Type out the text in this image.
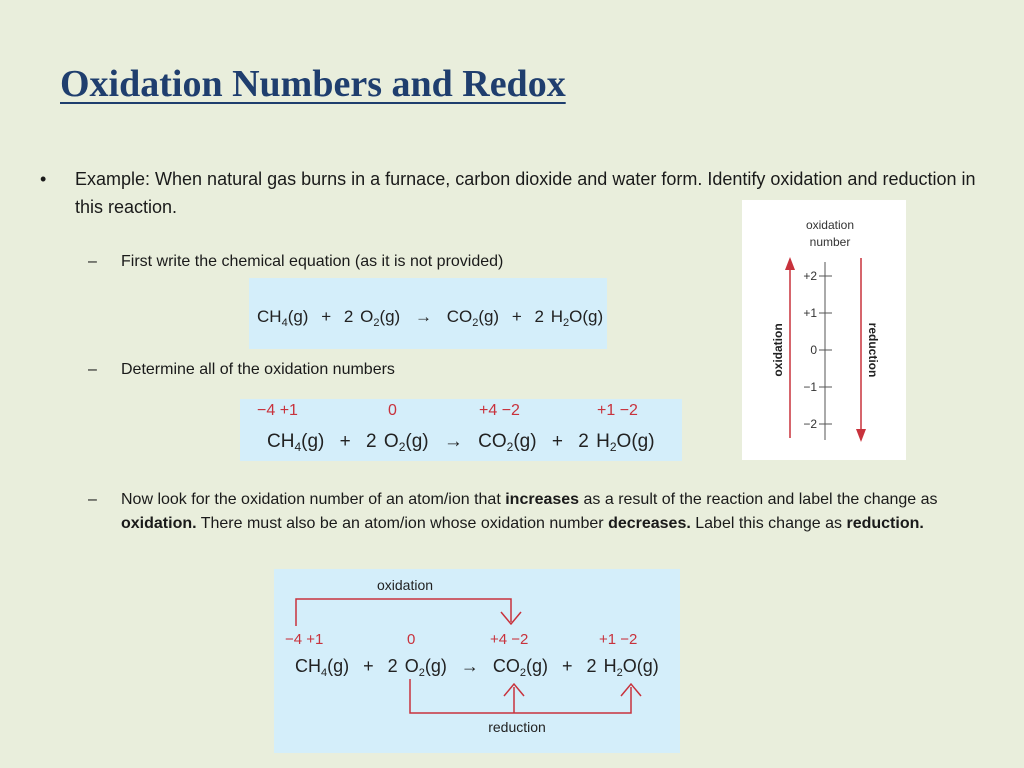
Oxidation Numbers and Redox
• Example: When natural gas burns in a furnace, carbon dioxide and water form. Identify oxidation and reduction in this reaction.
– First write the chemical equation (as it is not provided)
$CH_4(g) + 2$ $O_2(g) \to CO_2(g) + 2$ $H_2O(g)$
– Determine all of the oxidation numbers
−4 +1	0	+4 −2	+1 −2
$CH_4(g) + 2$ $O_2(g) \to CO_2(g) + 2$ $H_2O(g)$
– Now look for the oxidation number of an atom/ion that increases as a result of the reaction and label the change as oxidation. There must also be an atom/ion whose oxidation number decreases. Label this change as reduction.
oxidation
−4 +1	0	+4 −2	+1 −2
$CH_4(g) + 2$ $O_2(g) \to CO_2(g) + 2$ $H_2O(g)$
reduction
oxidation
number
+2
+1
0
−1
−2
oxidation	reduction
